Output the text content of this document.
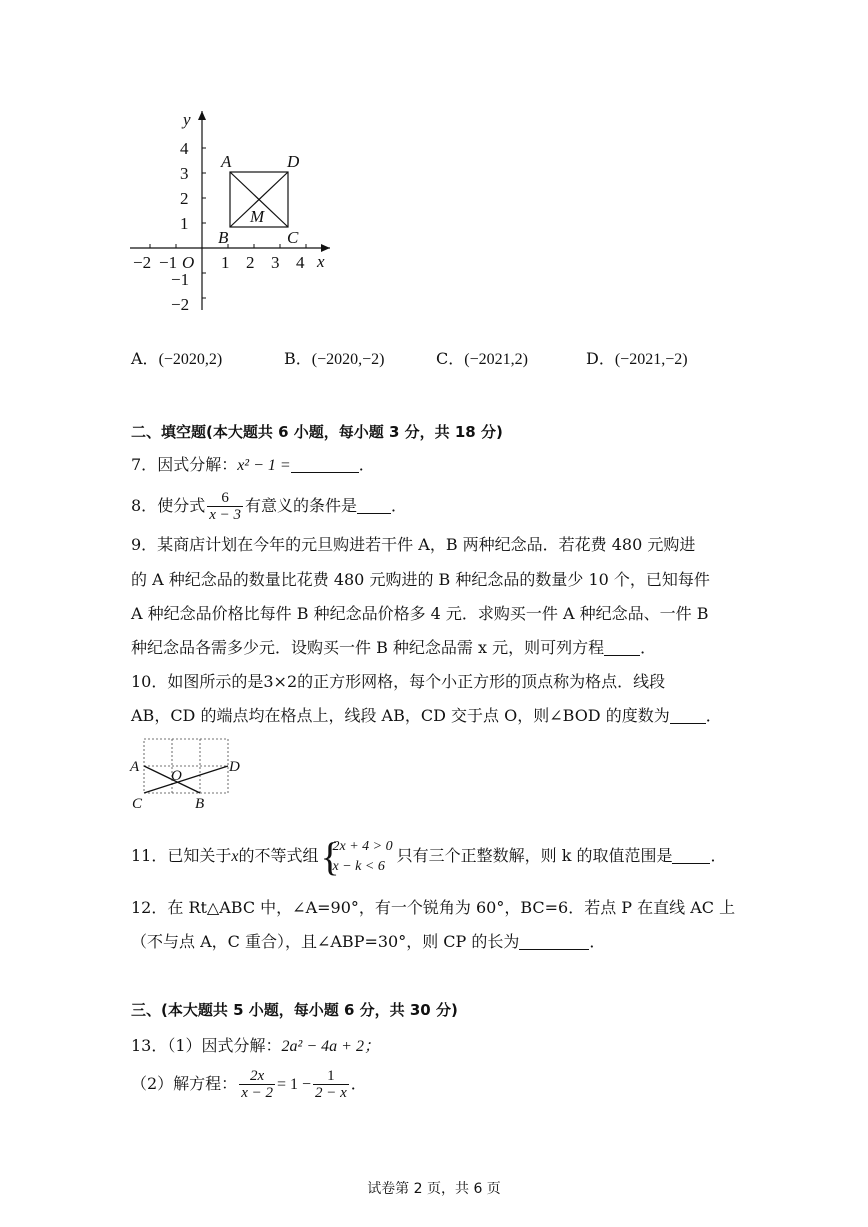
y
x
O
4
3
2
1
−1
−2
−2 −1	1 2 3 4
A	D
B	C
M
A．(−2020,2)	B．(−2020,−2)	C．(−2021,2)	D．(−2021,−2)
二、填空题(本大题共 6 小题，每小题 3 分，共 18 分)
7．因式分解：x² − 1 =	．
8．使分式 $\frac{6}{x - 3}$ 有意义的条件是 ．
9．某商店计划在今年的元旦购进若干件 A，B 两种纪念品．若花费 480 元购进
的 A 种纪念品的数量比花费 480 元购进的 B 种纪念品的数量少 10 个，已知每件
A 种纪念品价格比每件 B 种纪念品价格多 4 元．求购买一件 A 种纪念品、一件 B
种纪念品各需多少元．设购买一件 B 种纪念品需 x 元，则可列方程 ．
10．如图所示的是3×2的正方形网格，每个小正方形的顶点称为格点．线段
AB，CD 的端点均在格点上，线段 AB，CD 交于点 O，则∠BOD 的度数为 ．
A	D
C	B
O
11．已知关于x的不等式组
{ 2x + 4 > 0
x − k < 6
只有三个正整数解，则 k 的取值范围是 ．
12．在 Rt△ABC 中，∠A=90°，有一个锐角为 60°，BC=6．若点 P 在直线 AC 上
（不与点 A，C 重合），且∠ABP=30°，则 CP 的长为	．
三、(本大题共 5 小题，每小题 6 分，共 30 分)
13．（1）因式分解：2a² − 4a + 2；
（2）解方程： $\frac{2x}{x - 2} = 1 - \frac{1}{2 - x}$ ．
试卷第 2 页，共 6 页
